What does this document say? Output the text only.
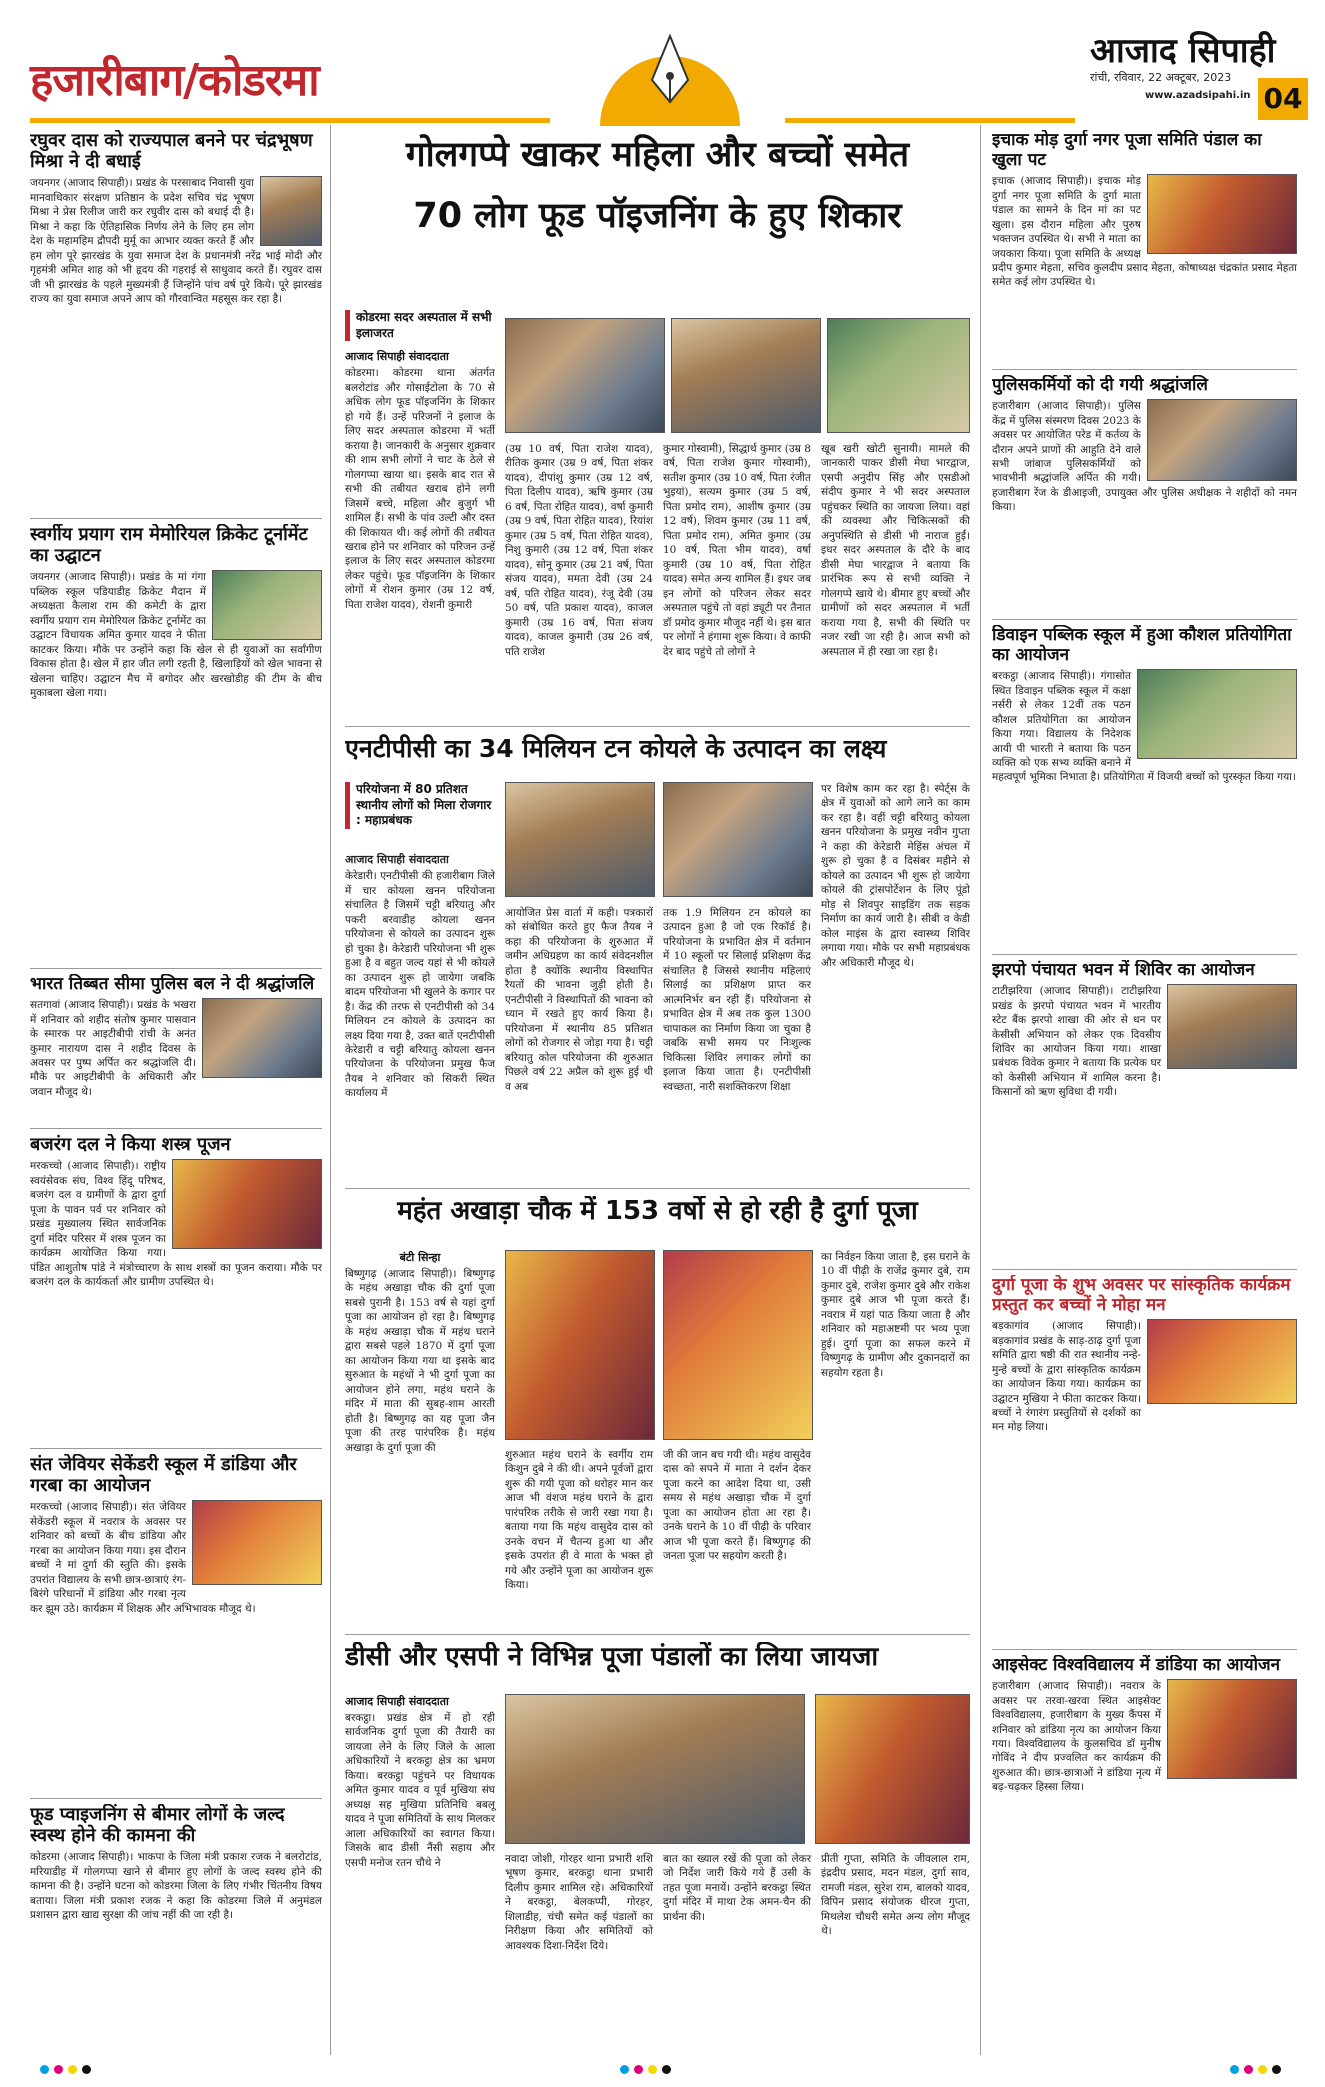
हजारीबाग/कोडरमा
आजाद सिपाही
रांची, रविवार, 22 अक्टूबर, 2023
www.azadsipahi.in 04
रघुवर दास को राज्यपाल बनने पर चंद्रभूषण मिश्रा ने दी बधाई
जयनगर (आजाद सिपाही)। प्रखंड के परसाबाद निवासी युवा मानवाधिकार संरक्षण प्रतिष्ठान के प्रदेश सचिव चंद्र भूषण मिश्रा ने प्रेस रिलीज जारी कर रघुवीर दास को बधाई दी है। मिश्रा ने कहा कि ऐतिहासिक निर्णय लेने के लिए हम लोग देश के महामहिम द्रौपदी मुर्मू का आभार व्यक्त करते हैं और हम लोग पूरे झारखंड के युवा समाज देश के प्रधानमंत्री नरेंद्र भाई मोदी और गृहमंत्री अमित शाह को भी हृदय की गहराई से साधुवाद करते हैं। रघुवर दास जी भी झारखंड के पहले मुख्यमंत्री हैं जिन्होंने पांच वर्ष पूरे किये। पूरे झारखंड राज्य का युवा समाज अपने आप को गौरवान्वित महसूस कर रहा है।
स्वर्गीय प्रयाग राम मेमोरियल क्रिकेट टूर्नामेंट का उद्घाटन
जयनगर (आजाद सिपाही)। प्रखंड के मां गंगा पब्लिक स्कूल पडियाडीह क्रिकेट मैदान में अध्यक्षता कैलाश राम की कमेटी के द्वारा स्वर्गीय प्रयाग राम मेमोरियल क्रिकेट टूर्नामेंट का उद्घाटन विधायक अमित कुमार यादव ने फीता काटकर किया। मौके पर उन्होंने कहा कि खेल से ही युवाओं का सर्वांगीण विकास होता है। खेल में हार जीत लगी रहती है, खिलाड़ियों को खेल भावना से खेलना चाहिए। उद्घाटन मैच में बगोदर और खरखोडीह की टीम के बीच मुकाबला खेला गया।
भारत तिब्बत सीमा पुलिस बल ने दी श्रद्धांजलि
सतगावां (आजाद सिपाही)। प्रखंड के भखरा में शनिवार को शहीद संतोष कुमार पासवान के स्मारक पर आइटीबीपी रांची के अनंत कुमार नारायण दास ने शहीद दिवस के अवसर पर पुष्प अर्पित कर श्रद्धांजलि दी। मौके पर आइटीबीपी के अधिकारी और जवान मौजूद थे।
बजरंग दल ने किया शस्त्र पूजन
मरकच्चो (आजाद सिपाही)। राष्ट्रीय स्वयंसेवक संघ, विश्व हिंदू परिषद, बजरंग दल व ग्रामीणों के द्वारा दुर्गा पूजा के पावन पर्व पर शनिवार को प्रखंड मुख्यालय स्थित सार्वजनिक दुर्गा मंदिर परिसर में शस्त्र पूजन का कार्यक्रम आयोजित किया गया। पंडित आशुतोष पांडे ने मंत्रोच्चारण के साथ शस्त्रों का पूजन कराया। मौके पर बजरंग दल के कार्यकर्ता और ग्रामीण उपस्थित थे।
संत जेवियर सेकेंडरी स्कूल में डांडिया और गरबा का आयोजन
मरकच्चो (आजाद सिपाही)। संत जेवियर सेकेंडरी स्कूल में नवरात्र के अवसर पर शनिवार को बच्चों के बीच डांडिया और गरबा का आयोजन किया गया। इस दौरान बच्चों ने मां दुर्गा की स्तुति की। इसके उपरांत विद्यालय के सभी छात्र-छात्राएं रंग-बिरंगे परिधानों में डांडिया और गरबा नृत्य कर झूम उठे। कार्यक्रम में शिक्षक और अभिभावक मौजूद थे।
फूड प्वाइजनिंग से बीमार लोगों के जल्द स्वस्थ होने की कामना की
कोडरमा (आजाद सिपाही)। भाकपा के जिला मंत्री प्रकाश रजक ने बलरोटांड, मरियाडीह में गोलगप्पा खाने से बीमार हुए लोगों के जल्द स्वस्थ होने की कामना की है। उन्होंने घटना को कोडरमा जिला के लिए गंभीर चिंतनीय विषय बताया। जिला मंत्री प्रकाश रजक ने कहा कि कोडरमा जिले में अनुमंडल प्रशासन द्वारा खाद्य सुरक्षा की जांच नहीं की जा रही है।
गोलगप्पे खाकर महिला और बच्चों समेत
70 लोग फूड पॉइजनिंग के हुए शिकार
कोडरमा सदर अस्पताल में सभी इलाजरत
आजाद सिपाही संवाददाता
कोडरमा। कोडरमा थाना अंतर्गत बलरोटांड और गोसाईटोला के 70 से अधिक लोग फूड पॉइजनिंग के शिकार हो गये हैं। उन्हें परिजनों ने इलाज के लिए सदर अस्पताल कोडरमा में भर्ती कराया है। जानकारी के अनुसार शुक्रवार की शाम सभी लोगों ने चाट के ठेले से गोलगप्पा खाया था। इसके बाद रात से सभी की तबीयत खराब होने लगी जिसमें बच्चे, महिला और बुजुर्ग भी शामिल हैं। सभी के पांव उल्टी और दस्त की शिकायत थी। कई लोगों की तबीयत खराब होने पर शनिवार को परिजन उन्हें इलाज के लिए सदर अस्पताल कोडरमा लेकर पहुंचे। फूड पॉइजनिंग के शिकार लोगों में रोशन कुमार (उम्र 12 वर्ष, पिता राजेश यादव), रोशनी कुमारी
(उम्र 10 वर्ष, पिता राजेश यादव), रीतिक कुमार (उम्र 9 वर्ष, पिता शंकर यादव), दीपांशु कुमार (उम्र 12 वर्ष, पिता दिलीप यादव), ऋषि कुमार (उम्र 6 वर्ष, पिता रोहित यादव), वर्षा कुमारी (उम्र 9 वर्ष, पिता रोहित यादव), रियांश कुमार (उम्र 5 वर्ष, पिता रोहित यादव), निशु कुमारी (उम्र 12 वर्ष, पिता शंकर यादव), सोनू कुमार (उम्र 21 वर्ष, पिता संजय यादव), ममता देवी (उम्र 24 वर्ष, पति रोहित यादव), रंजू देवी (उम्र 50 वर्ष, पति प्रकाश यादव), काजल कुमारी (उम्र 16 वर्ष, पिता संजय यादव), काजल कुमारी (उम्र 26 वर्ष, पति राजेश
कुमार गोस्वामी), सिद्धार्थ कुमार (उम्र 8 वर्ष, पिता राजेश कुमार गोस्वामी), सतीश कुमार (उम्र 10 वर्ष, पिता रंजीत भुइयां), सत्यम कुमार (उम्र 5 वर्ष, पिता प्रमोद राम), आशीष कुमार (उम्र 12 वर्ष), शिवम कुमार (उम्र 11 वर्ष, पिता प्रमोद राम), अमित कुमार (उम्र 10 वर्ष, पिता भीम यादव), वर्षा कुमारी (उम्र 10 वर्ष, पिता रोहित यादव) समेत अन्य शामिल हैं। इधर जब इन लोगों को परिजन लेकर सदर अस्पताल पहुंचे तो वहां ड्यूटी पर तैनात डॉ प्रमोद कुमार मौजूद नहीं थे। इस बात पर लोगों ने हंगामा शुरू किया। वे काफी देर बाद पहुंचे तो लोगों ने
खूब खरी खोटी सुनायी। मामले की जानकारी पाकर डीसी मेघा भारद्वाज, एसपी अनुदीप सिंह और एसडीओ संदीप कुमार ने भी सदर अस्पताल पहुंचकर स्थिति का जायजा लिया। वहां की व्यवस्था और चिकित्सकों की अनुपस्थिति से डीसी भी नाराज हुईं। इधर सदर अस्पताल के दौरे के बाद डीसी मेघा भारद्वाज ने बताया कि प्रारंभिक रूप से सभी व्यक्ति ने गोलगप्पे खाये थे। बीमार हुए बच्चों और ग्रामीणों को सदर अस्पताल में भर्ती कराया गया है, सभी की स्थिति पर नजर रखी जा रही है। आज सभी को अस्पताल में ही रखा जा रहा है।
एनटीपीसी का 34 मिलियन टन कोयले के उत्पादन का लक्ष्य
परियोजना में 80 प्रतिशत स्थानीय लोगों को मिला रोजगार : महाप्रबंधक
आजाद सिपाही संवाददाता
केरेडारी। एनटीपीसी की हजारीबाग जिले में चार कोयला खनन परियोजना संचालित है जिसमें चट्टी बरियातु और पकरी बरवाडीह कोयला खनन परियोजना से कोयले का उत्पादन शुरू हो चुका है। केरेडारी परियोजना भी शुरू हुआ है व बहुत जल्द यहां से भी कोयले का उत्पादन शुरू हो जायेगा जबकि बादम परियोजना भी खुलने के कगार पर है। केंद्र की तरफ से एनटीपीसी को 34 मिलियन टन कोयले के उत्पादन का लक्ष्य दिया गया है, उक्त बातें एनटीपीसी केरेडारी व चट्टी बरियातु कोयला खनन परियोजना के परियोजना प्रमुख फैज तैयब ने शनिवार को सिकरी स्थित कार्यालय में
आयोजित प्रेस वार्ता में कही। पत्रकारों को संबोधित करते हुए फैज तैयब ने कहा की परियोजना के शुरुआत में जमीन अधिग्रहण का कार्य संवेदनशील होता है क्योंकि स्थानीय विस्थापित रैयतों की भावना जुड़ी होती है। एनटीपीसी ने विस्थापितों की भावना को ध्यान में रखते हुए कार्य किया है। परियोजना में स्थानीय 85 प्रतिशत लोगों को रोजगार से जोड़ा गया है। चट्टी बरियातु कोल परियोजना की शुरुआत पिछले वर्ष 22 अप्रैल को शुरू हुई थी व अब
तक 1.9 मिलियन टन कोयले का उत्पादन हुआ है जो एक रिकॉर्ड है। परियोजना के प्रभावित क्षेत्र में वर्तमान में 10 स्कूलों पर सिलाई प्रशिक्षण केंद्र संचालित है जिससे स्थानीय महिलाएं सिलाई का प्रशिक्षण प्राप्त कर आत्मनिर्भर बन रही हैं। परियोजना से प्रभावित क्षेत्र में अब तक कुल 1300 चापाकल का निर्माण किया जा चुका है जबकि सभी समय पर निःशुल्क चिकित्सा शिविर लगाकर लोगों का इलाज किया जाता है। एनटीपीसी स्वच्छता, नारी सशक्तिकरण शिक्षा
पर विशेष काम कर रहा है। स्पेर्ट्स के क्षेत्र में युवाओं को आगे लाने का काम कर रहा है। वहीं चट्टी बरियातु कोयला खनन परियोजना के प्रमुख नवीन गुप्ता ने कहा की केरेडारी मेहिंस अंचल में शुरू हो चुका है व दिसंबर महीने से कोयले का उत्पादन भी शुरू हो जायेगा कोयले की ट्रांसपोर्टेशन के लिए पूंडो मोड़ से शिवपुर साइडिंग तक सड़क निर्माण का कार्य जारी है। सीबी व केडी कोल माइंस के द्वारा स्वास्थ्य शिविर लगाया गया। मौके पर सभी महाप्रबंधक और अधिकारी मौजूद थे।
महंत अखाड़ा चौक में 153 वर्षो से हो रही है दुर्गा पूजा
बंटी सिन्हा
बिष्णुगढ़ (आजाद सिपाही)। बिष्णुगढ़ के महंथ अखाड़ा चौक की दुर्गा पूजा सबसे पुरानी है। 153 वर्ष से यहां दुर्गा पूजा का आयोजन हो रहा है। बिष्णुगढ़ के महंथ अखाड़ा चौक में महंथ घराने द्वारा सबसे पहले 1870 में दुर्गा पूजा का आयोजन किया गया था इसके बाद सुरुआत के महंथों ने भी दुर्गा पूजा का आयोजन होने लगा, महंथ घराने के मंदिर में माता की सुबह-शाम आरती होती है। बिष्णुगढ़ का यह पूजा जैन पूजा की तरह पारंपरिक है। महंथ अखाड़ा के दुर्गा पूजा की
शुरुआत महंथ घराने के स्वर्गीय राम किशुन दुबे ने की थी। अपने पूर्वजों द्वारा शुरू की गयी पूजा को धरोहर मान कर आज भी वंशज महंथ घराने के द्वारा पारंपरिक तरीके से जारी रखा गया है। बताया गया कि महंथ वासुदेव दास को उनके वचन में चैतन्य हुआ था और इसके उपरांत ही वे माता के भक्त हो गये और उन्होंने पूजा का आयोजन शुरू किया।
जी की जान बच गयी थी। महंथ वासुदेव दास को सपने में माता ने दर्शन देकर पूजा करने का आदेश दिया था, उसी समय से महंथ अखाड़ा चौक में दुर्गा पूजा का आयोजन होता आ रहा है। उनके घराने के 10 वीं पीढ़ी के परिवार आज भी पूजा करते हैं। बिष्णुगढ़ की जनता पूजा पर सहयोग करती है।
का निर्वहन किया जाता है, इस घराने के 10 वीं पीढ़ी के राजेंद्र कुमार दुबे, राम कुमार दुबे, राजेश कुमार दुबे और राकेश कुमार दुबे आज भी पूजा करते हैं। नवरात्र में यहां पाठ किया जाता है और शनिवार को महाअष्टमी पर भव्य पूजा हुई। दुर्गा पूजा का सफल करने में विष्णुगढ़ के ग्रामीण और दुकानदारों का सहयोग रहता है।
डीसी और एसपी ने विभिन्न पूजा पंडालों का लिया जायजा
आजाद सिपाही संवाददाता
बरकट्ठा। प्रखंड क्षेत्र में हो रही सार्वजनिक दुर्गा पूजा की तैयारी का जायजा लेने के लिए जिले के आला अधिकारियों ने बरकट्ठा क्षेत्र का भ्रमण किया। बरकट्ठा पहुंचने पर विधायक अमित कुमार यादव व पूर्व मुखिया संघ अध्यक्ष सह मुखिया प्रतिनिधि बबलू यादव ने पूजा समितियों के साथ मिलकर आला अधिकारियों का स्वागत किया। जिसके बाद डीसी नैंसी सहाय और एसपी मनोज रतन चौथे ने	नवादा जोशी, गोरहर थाना प्रभारी शशि भूषण कुमार, बरकट्ठा थाना प्रभारी दिलीप कुमार शामिल रहे। अधिकारियों ने बरकट्ठा, बेलकप्पी, गोरहर, शिलाडीह, चंचौ समेत कई पंडालों का निरीक्षण किया और समितियों को आवश्यक दिशा-निर्देश दिये।
बात का ख्याल रखें की पूजा को लेकर जो निर्देश जारी किये गये हैं उसी के तहत पूजा मनायें। उन्होंने बरकट्ठा स्थित दुर्गा मंदिर में माथा टेक अमन-चैन की प्रार्थना की।
प्रीती गुप्ता, समिति के जीवलाल राम, इंद्रदीप प्रसाद, मदन मंडल, दुर्गा साव, रामजी मंडल, सुरेश राम, बालको यादव, विपिन प्रसाद संयोजक धीरज गुप्ता, मिथलेश चौधरी समेत अन्य लोग मौजूद थे।
इचाक मोड़ दुर्गा नगर पूजा समिति पंडाल का खुला पट
इचाक (आजाद सिपाही)। इचाक मोड़ दुर्गा नगर पूजा समिति के दुर्गा माता पंडाल का सामने के दिन मां का पट खुला। इस दौरान महिला और पुरुष भक्तजन उपस्थित थे। सभी ने माता का जयकारा किया। पूजा समिति के अध्यक्ष प्रदीप कुमार मेहता, सचिव कुलदीप प्रसाद मेहता, कोषाध्यक्ष चंद्रकांत प्रसाद मेहता समेत कई लोग उपस्थित थे।
पुलिसकर्मियों को दी गयी श्रद्धांजलि
हजारीबाग (आजाद सिपाही)। पुलिस केंद्र में पुलिस संस्मरण दिवस 2023 के अवसर पर आयोजित परेड में कर्तव्य के दौरान अपने प्राणों की आहुति देने वाले सभी जांबाज पुलिसकर्मियों को भावभीनी श्रद्धांजलि अर्पित की गयी। हजारीबाग रेंज के डीआइजी, उपायुक्त और पुलिस अधीक्षक ने शहीदों को नमन किया।
डिवाइन पब्लिक स्कूल में हुआ कौशल प्रतियोगिता का आयोजन
बरकट्ठा (आजाद सिपाही)। गंगासोत स्थित डिवाइन पब्लिक स्कूल में कक्षा नर्सरी से लेकर 12वीं तक पठन कौशल प्रतियोगिता का आयोजन किया गया। विद्यालय के निदेशक आयी पी भारती ने बताया कि पठन व्यक्ति को एक सभ्य व्यक्ति बनाने में महत्वपूर्ण भूमिका निभाता है। प्रतियोगिता में विजयी बच्चों को पुरस्कृत किया गया।
झरपो पंचायत भवन में शिविर का आयोजन
टाटीझरिया (आजाद सिपाही)। टाटीझरिया प्रखंड के झरपो पंचायत भवन में भारतीय स्टेट बैंक झरपो शाखा की ओर से धन पर केसीसी अभियान को लेकर एक दिवसीय शिविर का आयोजन किया गया। शाखा प्रबंधक विवेक कुमार ने बताया कि प्रत्येक घर को केसीसी अभियान में शामिल करना है। किसानों को ऋण सुविधा दी गयी।
दुर्गा पूजा के शुभ अवसर पर सांस्कृतिक कार्यक्रम प्रस्तुत कर बच्चों ने मोहा मन
बड़कागांव (आजाद सिपाही)। बड़कागांव प्रखंड के साड़-ठाढ़ दुर्गा पूजा समिति द्वारा षष्ठी की रात स्थानीय नन्हे-मुन्हे बच्चों के द्वारा सांस्कृतिक कार्यक्रम का आयोजन किया गया। कार्यक्रम का उद्घाटन मुखिया ने फीता काटकर किया। बच्चों ने रंगारंग प्रस्तुतियों से दर्शकों का मन मोह लिया।
आइसेक्ट विश्वविद्यालय में डांडिया का आयोजन
हजारीबाग (आजाद सिपाही)। नवरात्र के अवसर पर तरवा-खरवा स्थित आइसेक्ट विश्वविद्यालय, हजारीबाग के मुख्य कैंपस में शनिवार को डांडिया नृत्य का आयोजन किया गया। विश्वविद्यालय के कुलसचिव डॉ मुनीष गोविंद ने दीप प्रज्वलित कर कार्यक्रम की शुरुआत की। छात्र-छात्राओं ने डांडिया नृत्य में बढ़-चढ़कर हिस्सा लिया।
